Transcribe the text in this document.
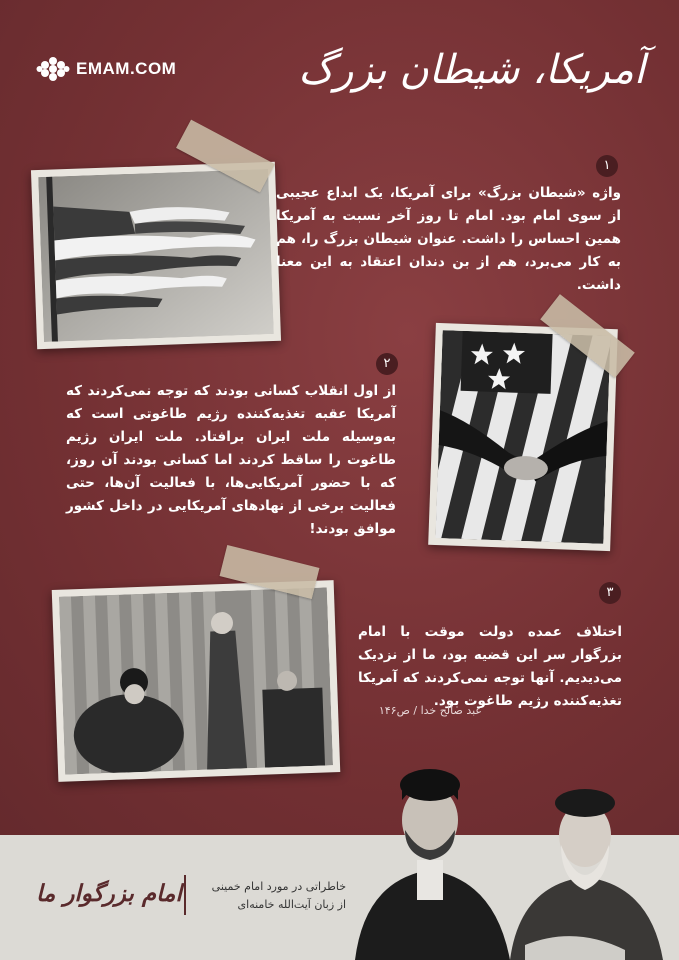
EMAM.COM	آمریکا، شیطان بزرگ
۱
واژه «شیطان بزرگ» برای آمریکا، یک ابداع عجیبی از سوی امام بود. امام تا روز آخر نسبت به آمریکا همین احساس را داشت. عنوان شیطان بزرگ را، هم به کار می‌برد، هم از بن دندان اعتقاد به این معنا داشت.
۲
از اول انقلاب کسانی بودند که توجه نمی‌کردند که آمریکا عقبه تغذیه‌کننده رژیم طاغوتی است که به‌وسیله ملت ایران برافتاد. ملت ایران رژیم طاغوت را ساقط کردند اما کسانی بودند آن روز، که با حضور آمریکایی‌ها، با فعالیت آن‌ها، حتی فعالیت برخی از نهادهای آمریکایی در داخل کشور موافق بودند!
۳
اختلاف عمده دولت موقت با امام بزرگوار سر این قضیه بود، ما از نزدیک می‌دیدیم. آنها توجه نمی‌کردند که آمریکا تغذیه‌کننده رژیم طاغوت بود.
عبد صالح خدا / ص۱۴۶
امام بزرگوار ما	خاطراتی در مورد امام خمینی
از زبان آیت‌الله خامنه‌ای
